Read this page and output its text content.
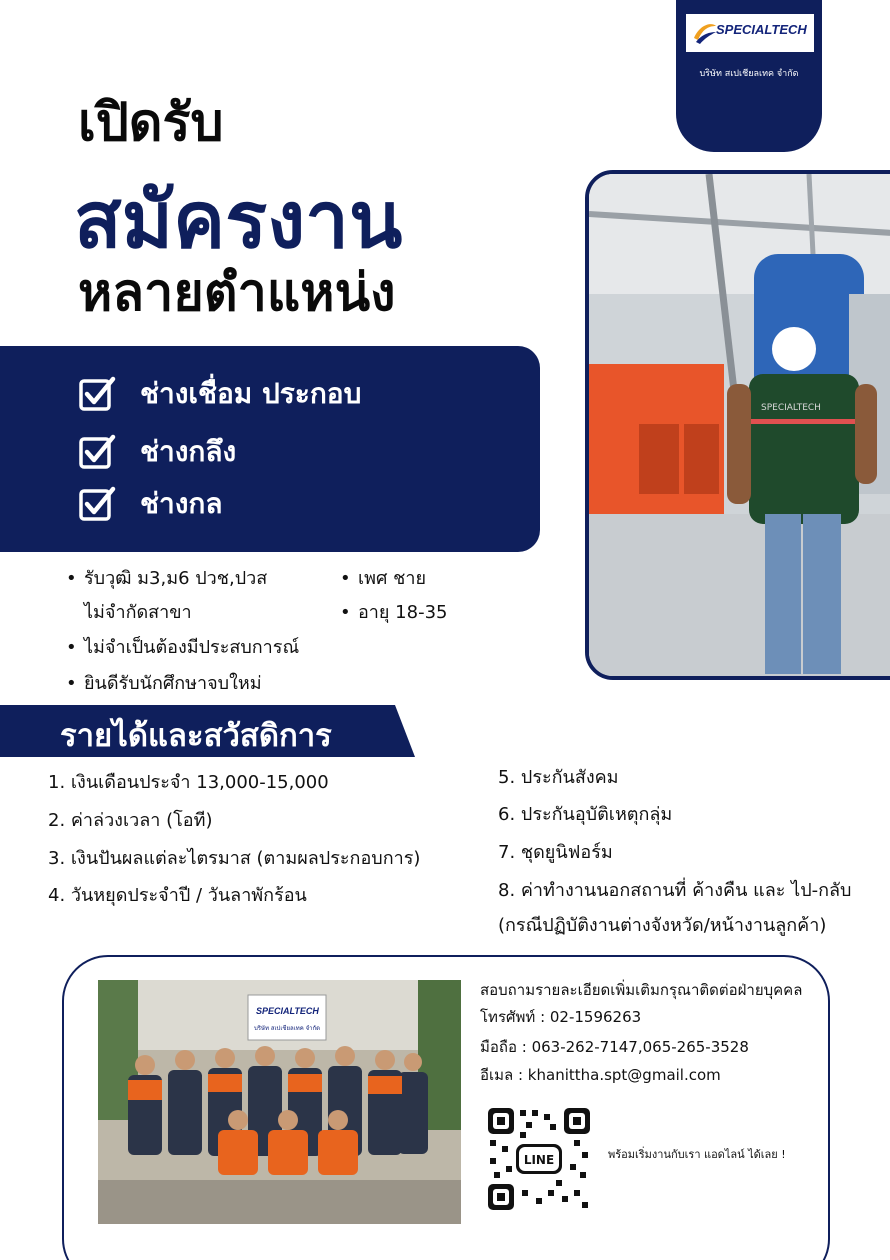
SPECIALTECH
บริษัท สเปเชียลเทค จำกัด
เปิดรับ
สมัครงาน
หลายตำแหน่ง
ช่างเชื่อม ประกอบ
ช่างกลึง
ช่างกล
SPECIALTECH
• รับวุฒิ ม3,ม6 ปวช,ปวส
ไม่จำกัดสาขา
• ไม่จำเป็นต้องมีประสบการณ์
• ยินดีรับนักศึกษาจบใหม่
• เพศ ชาย
• อายุ 18-35
รายได้และสวัสดิการ
1. เงินเดือนประจำ 13,000-15,000
2. ค่าล่วงเวลา (โอที)
3. เงินปันผลแต่ละไตรมาส (ตามผลประกอบการ)
4. วันหยุดประจำปี / วันลาพักร้อน
5. ประกันสังคม
6. ประกันอุบัติเหตุกลุ่ม
7. ชุดยูนิฟอร์ม
8. ค่าทำงานนอกสถานที่ ค้างคืน และ ไป-กลับ
(กรณีปฏิบัติงานต่างจังหวัด/หน้างานลูกค้า)
SPECIALTECH
บริษัท สเปเชียลเทค จำกัด
สอบถามรายละเอียดเพิ่มเติมกรุณาติดต่อฝ่ายบุคคล
โทรศัพท์ : 02-1596263
มือถือ : 063-262-7147,065-265-3528
อีเมล : khanittha.spt@gmail.com
LINE	พร้อมเริ่มงานกับเรา แอดไลน์ ได้เลย !
